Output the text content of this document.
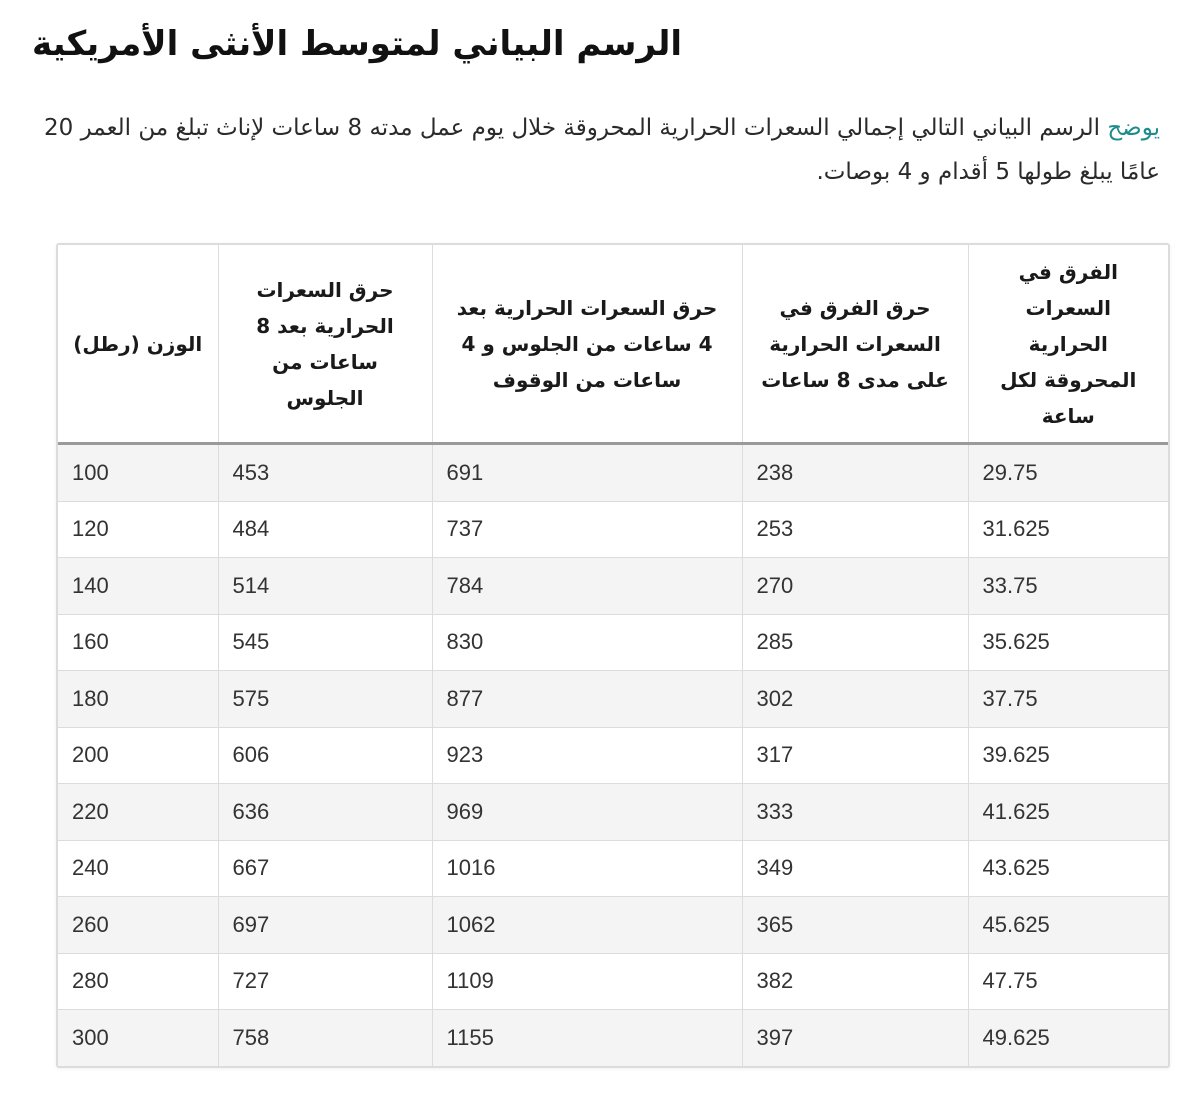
الرسم البياني لمتوسط الأنثى الأمريكية

يوضح الرسم البياني التالي إجمالي السعرات الحرارية المحروقة خلال يوم عمل مدته 8 ساعات لإناث تبلغ من العمر 20 عامًا يبلغ طولها 5 أقدام و 4 بوصات.

الوزن (رطل)	حرق السعرات الحرارية بعد 8 ساعات من الجلوس	حرق السعرات الحرارية بعد 4 ساعات من الجلوس و 4 ساعات من الوقوف	حرق الفرق في السعرات الحرارية على مدى 8 ساعات	الفرق في السعرات الحرارية المحروقة لكل ساعة
100	453	691	238	29.75
120	484	737	253	31.625
140	514	784	270	33.75
160	545	830	285	35.625
180	575	877	302	37.75
200	606	923	317	39.625
220	636	969	333	41.625
240	667	1016	349	43.625
260	697	1062	365	45.625
280	727	1109	382	47.75
300	758	1155	397	49.625
